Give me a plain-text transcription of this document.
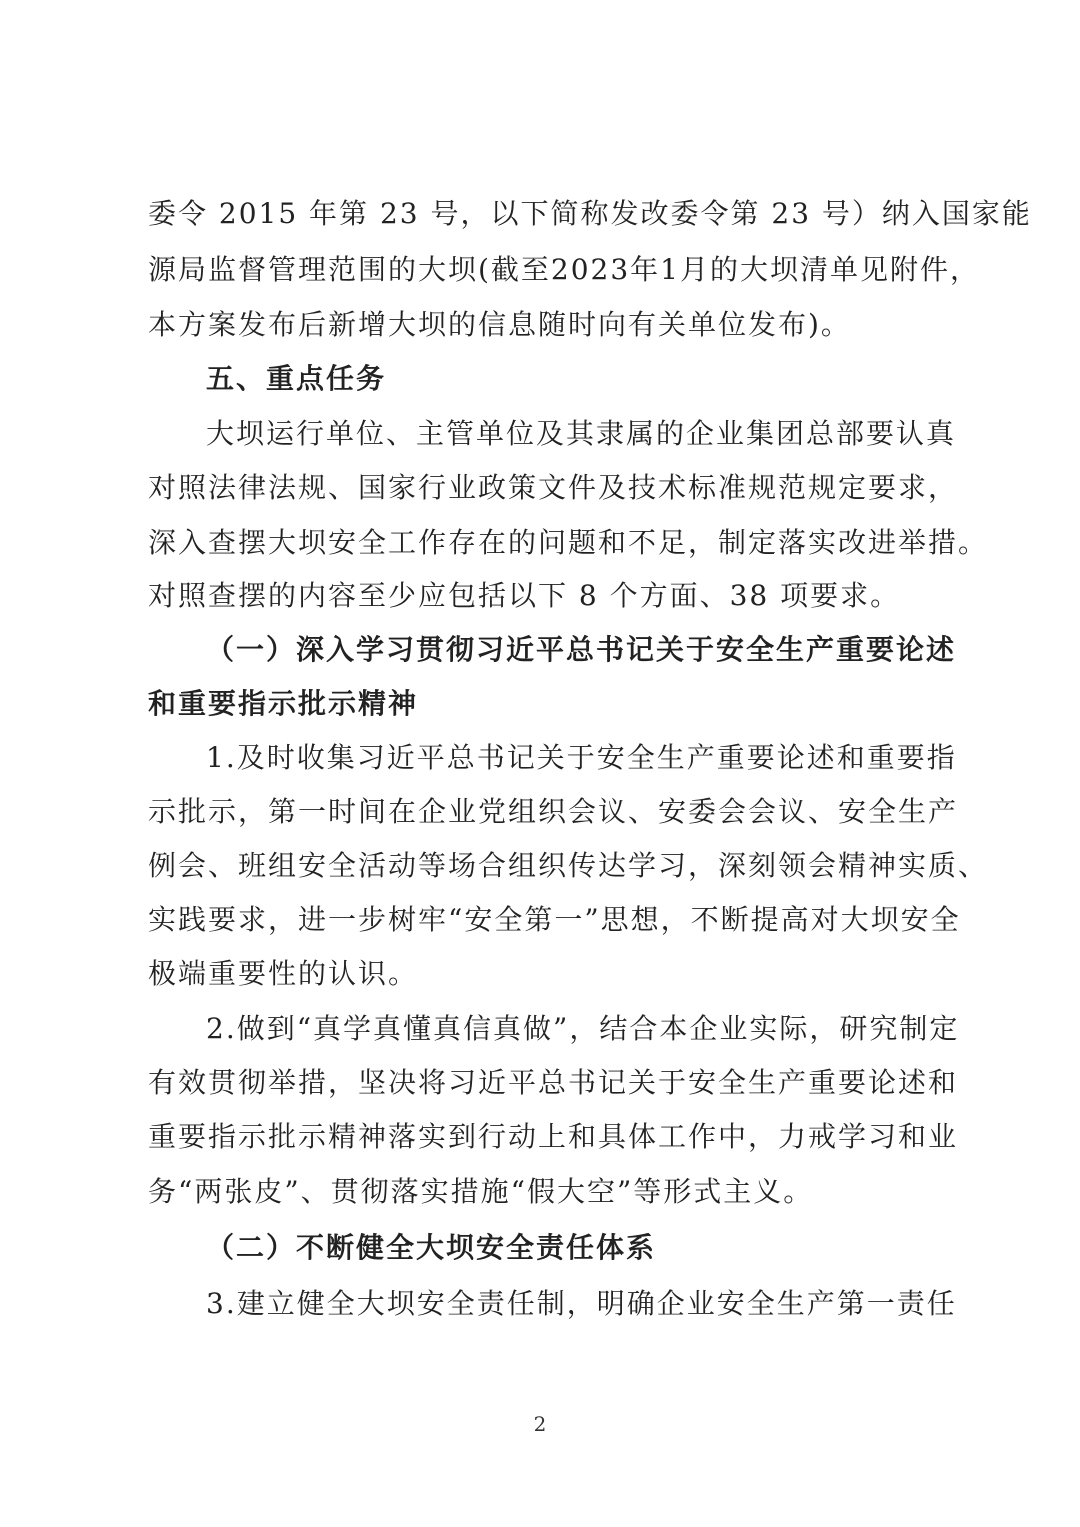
委令 2015 年第 23 号，以下简称发改委令第 23 号）纳入国家能
源局监督管理范围的大坝(截至2023年1月的大坝清单见附件，
本方案发布后新增大坝的信息随时向有关单位发布)。
五、重点任务
大坝运行单位、主管单位及其隶属的企业集团总部要认真
对照法律法规、国家行业政策文件及技术标准规范规定要求，
深入查摆大坝安全工作存在的问题和不足，制定落实改进举措。
对照查摆的内容至少应包括以下 8 个方面、38 项要求。
（一）深入学习贯彻习近平总书记关于安全生产重要论述
和重要指示批示精神
1.及时收集习近平总书记关于安全生产重要论述和重要指
示批示，第一时间在企业党组织会议、安委会会议、安全生产
例会、班组安全活动等场合组织传达学习，深刻领会精神实质、
实践要求，进一步树牢“安全第一”思想，不断提高对大坝安全
极端重要性的认识。
2.做到“真学真懂真信真做”，结合本企业实际，研究制定
有效贯彻举措，坚决将习近平总书记关于安全生产重要论述和
重要指示批示精神落实到行动上和具体工作中，力戒学习和业
务“两张皮”、贯彻落实措施“假大空”等形式主义。
（二）不断健全大坝安全责任体系
3.建立健全大坝安全责任制，明确企业安全生产第一责任
2
